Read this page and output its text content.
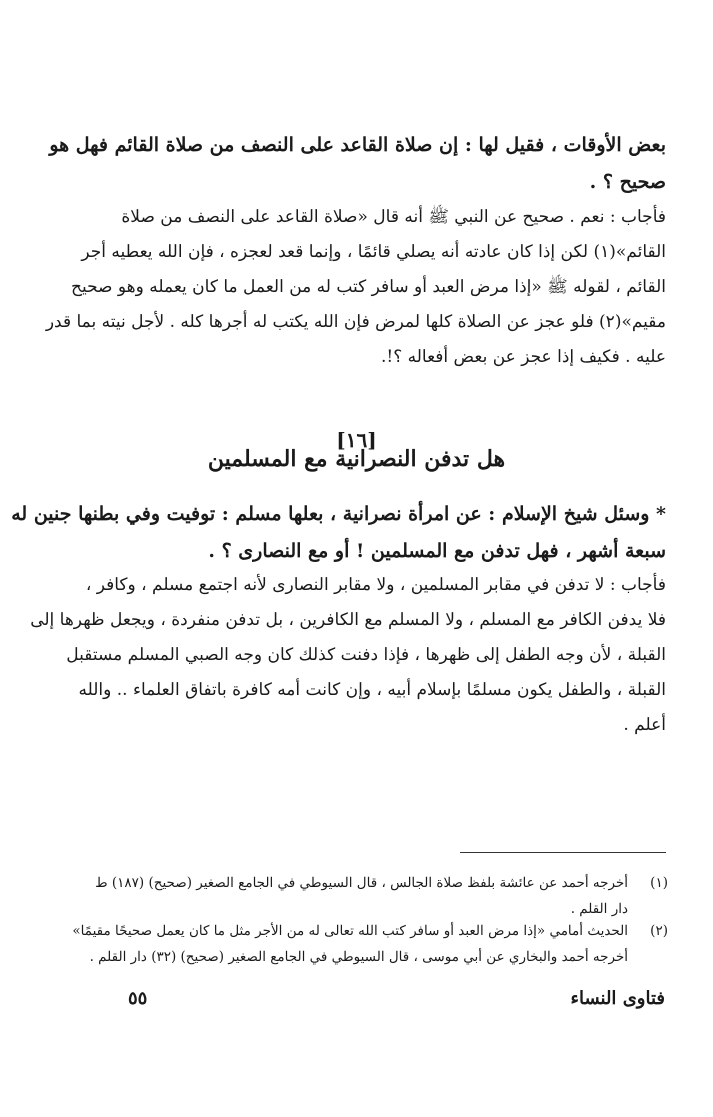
بعض الأوقات ، فقيل لها : إن صلاة القاعد على النصف من صلاة القائم فهل هو
صحيح ؟ .
فأجاب : نعم . صحيح عن النبي ﷺ أنه قال «صلاة القاعد على النصف من صلاة
القائم»(١) لكن إذا كان عادته أنه يصلي قائمًا ، وإنما قعد لعجزه ، فإن الله يعطيه أجر
القائم ، لقوله ﷺ «إذا مرض العبد أو سافر كتب له من العمل ما كان يعمله وهو صحيح
مقيم»(٢) فلو عجز عن الصلاة كلها لمرض فإن الله يكتب له أجرها كله . لأجل نيته بما قدر
عليه . فكيف إذا عجز عن بعض أفعاله ؟!.
[١٦]
هل تدفن النصرانية مع المسلمين
* وسئل شيخ الإسلام : عن امرأة نصرانية ، بعلها مسلم : توفيت وفي بطنها جنين له
سبعة أشهر ، فهل تدفن مع المسلمين ! أو مع النصارى ؟ .
فأجاب : لا تدفن في مقابر المسلمين ، ولا مقابر النصارى لأنه اجتمع مسلم ، وكافر ،
فلا يدفن الكافر مع المسلم ، ولا المسلم مع الكافرين ، بل تدفن منفردة ، ويجعل ظهرها إلى
القبلة ، لأن وجه الطفل إلى ظهرها ، فإذا دفنت كذلك كان وجه الصبي المسلم مستقبل
القبلة ، والطفل يكون مسلمًا بإسلام أبيه ، وإن كانت أمه كافرة باتفاق العلماء .. والله
أعلم .
(١)
أخرجه أحمد عن عائشة بلفظ صلاة الجالس ، قال السيوطي في الجامع الصغير (صحيح) (١٨٧) ط
دار القلم .
(٢)
الحديث أمامي «إذا مرض العبد أو سافر كتب الله تعالى له من الأجر مثل ما كان يعمل صحيحًا مقيمًا»
أخرجه أحمد والبخاري عن أبي موسى ، قال السيوطي في الجامع الصغير (صحيح) (٣٢) دار القلم .
فتاوى النساء
٥٥
